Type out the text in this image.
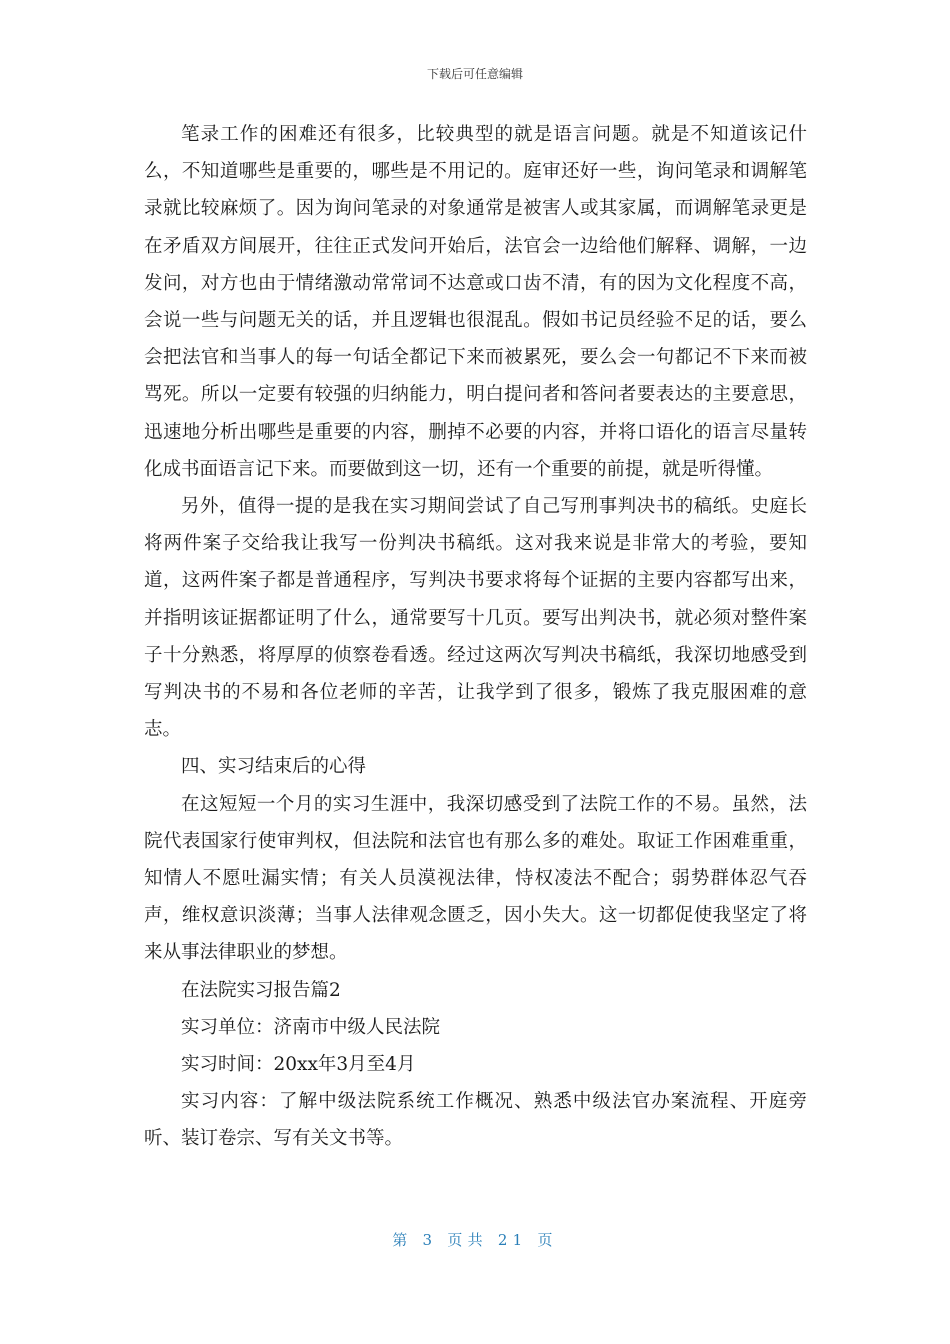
下载后可任意编辑

笔录工作的困难还有很多，比较典型的就是语言问题。就是不知道该记什么，不知道哪些是重要的，哪些是不用记的。庭审还好一些，询问笔录和调解笔录就比较麻烦了。因为询问笔录的对象通常是被害人或其家属，而调解笔录更是在矛盾双方间展开，往往正式发问开始后，法官会一边给他们解释、调解，一边发问，对方也由于情绪激动常常词不达意或口齿不清，有的因为文化程度不高，会说一些与问题无关的话，并且逻辑也很混乱。假如书记员经验不足的话，要么会把法官和当事人的每一句话全都记下来而被累死，要么会一句都记不下来而被骂死。所以一定要有较强的归纳能力，明白提问者和答问者要表达的主要意思，迅速地分析出哪些是重要的内容，删掉不必要的内容，并将口语化的语言尽量转化成书面语言记下来。而要做到这一切，还有一个重要的前提，就是听得懂。

另外，值得一提的是我在实习期间尝试了自己写刑事判决书的稿纸。史庭长将两件案子交给我让我写一份判决书稿纸。这对我来说是非常大的考验，要知道，这两件案子都是普通程序，写判决书要求将每个证据的主要内容都写出来，并指明该证据都证明了什么，通常要写十几页。要写出判决书，就必须对整件案子十分熟悉，将厚厚的侦察卷看透。经过这两次写判决书稿纸，我深切地感受到写判决书的不易和各位老师的辛苦，让我学到了很多，锻炼了我克服困难的意志。

四、实习结束后的心得

在这短短一个月的实习生涯中，我深切感受到了法院工作的不易。虽然，法院代表国家行使审判权，但法院和法官也有那么多的难处。取证工作困难重重，知情人不愿吐漏实情；有关人员漠视法律，恃权凌法不配合；弱势群体忍气吞声，维权意识淡薄；当事人法律观念匮乏，因小失大。这一切都促使我坚定了将来从事法律职业的梦想。

在法院实习报告篇2

实习单位：济南市中级人民法院

实习时间：20xx年3月至4月

实习内容：了解中级法院系统工作概况、熟悉中级法官办案流程、开庭旁听、装订卷宗、写有关文书等。

第 3 页共 21 页
